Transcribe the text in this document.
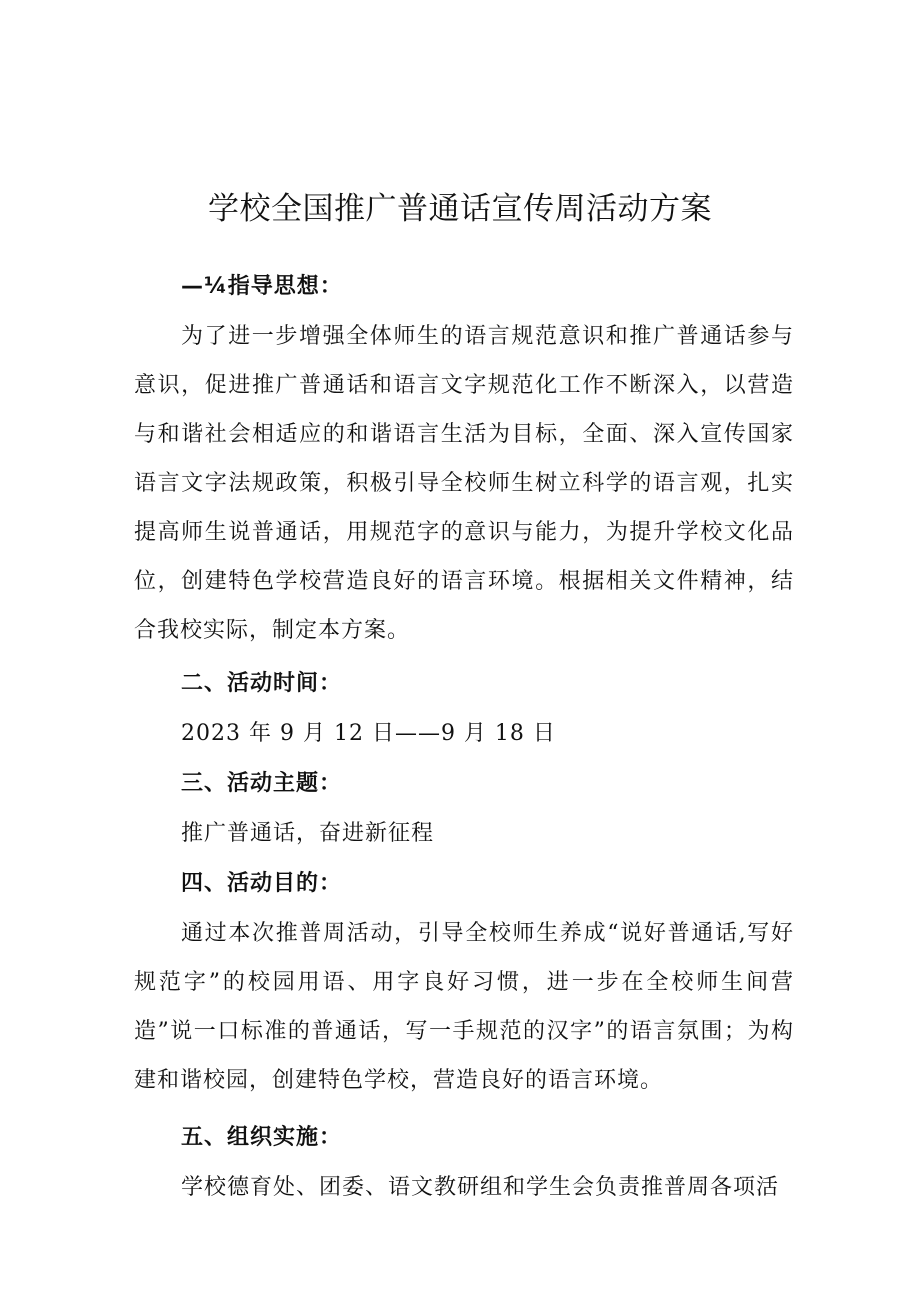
学校全国推广普通话宣传周活动方案

—¼指导思想：

为了进一步增强全体师生的语言规范意识和推广普通话参与意识，促进推广普通话和语言文字规范化工作不断深入，以营造与和谐社会相适应的和谐语言生活为目标，全面、深入宣传国家语言文字法规政策，积极引导全校师生树立科学的语言观，扎实提高师生说普通话，用规范字的意识与能力，为提升学校文化品位，创建特色学校营造良好的语言环境。根据相关文件精神，结合我校实际，制定本方案。

二、活动时间：

2023 年 9 月 12 日——9 月 18 日

三、活动主题：

推广普通话，奋进新征程

四、活动目的：

通过本次推普周活动，引导全校师生养成“说好普通话,写好规范字”的校园用语、用字良好习惯，进一步在全校师生间营造”说一口标准的普通话，写一手规范的汉字”的语言氛围；为构建和谐校园，创建特色学校，营造良好的语言环境。

五、组织实施：

学校德育处、团委、语文教研组和学生会负责推普周各项活
